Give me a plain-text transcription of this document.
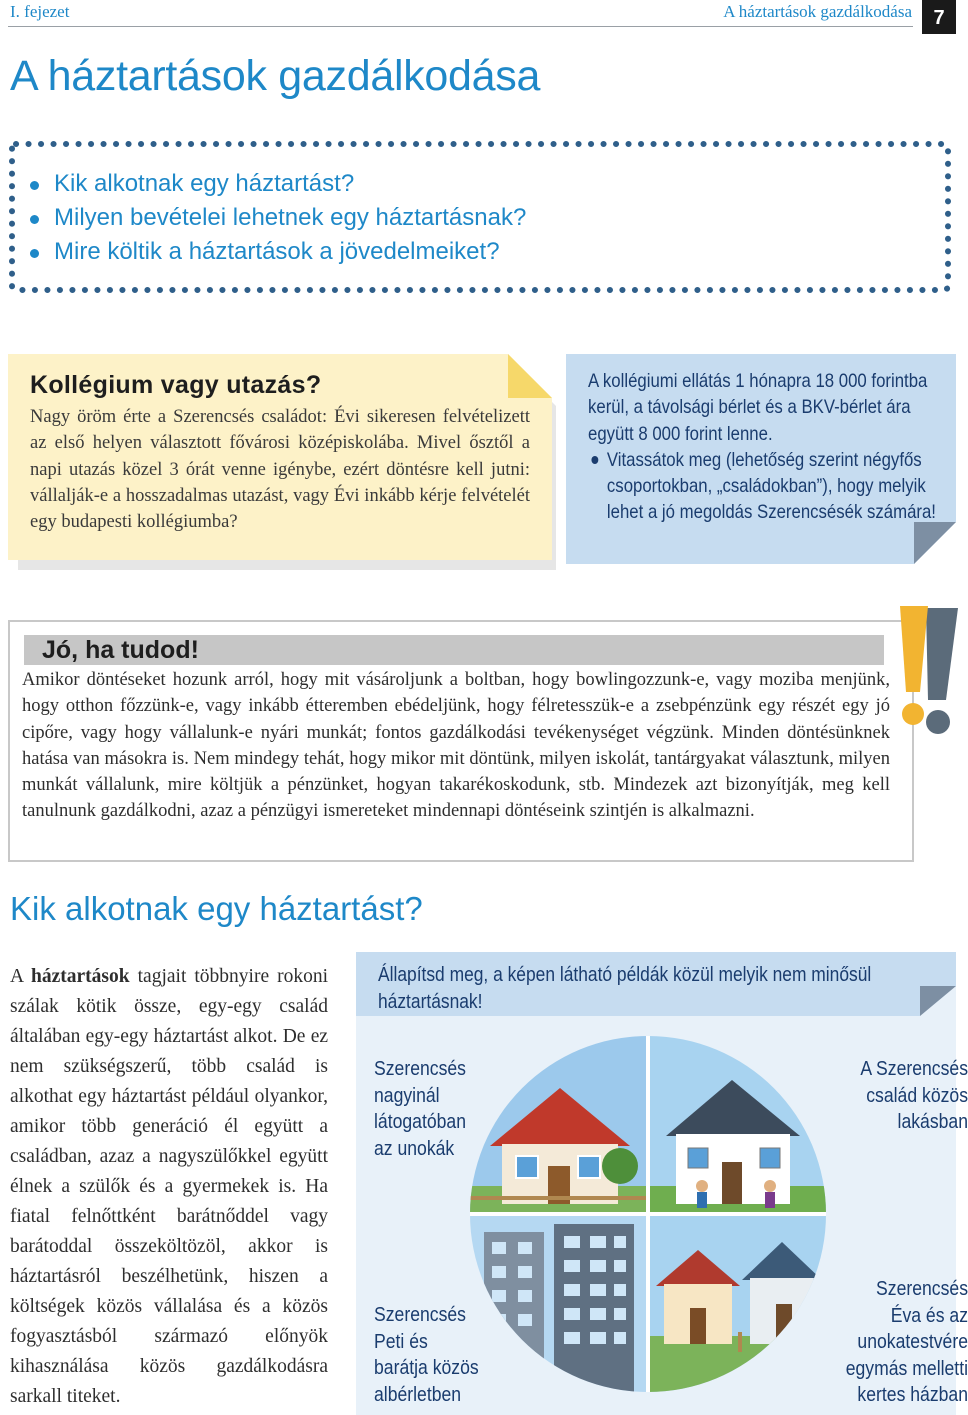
I. fejezet	A háztartások gazdálkodása	7
A háztartások gazdálkodása
Kik alkotnak egy háztartást?
Milyen bevételei lehetnek egy háztartásnak?
Mire költik a háztartások a jövedelmeiket?
Kollégium vagy utazás?
Nagy öröm érte a Szerencsés családot: Évi sikeresen felvételizett az első helyen választott fővárosi középiskolába. Mivel ősztől a napi utazás közel 3 órát venne igénybe, ezért döntésre kell jutni: vállalják-e a hosszadalmas utazást, vagy Évi inkább kérje felvételét egy budapesti kollégiumba?
A kollégiumi ellátás 1 hónapra 18 000 forintba kerül, a távolsági bérlet és a BKV-bérlet ára együtt 8 000 forint lenne.
Vitassátok meg (lehetőség szerint négyfős csoportokban, „családokban”), hogy melyik lehet a jó megoldás Szerencsésék számára!
Jó, ha tudod!
Amikor döntéseket hozunk arról, hogy mit vásároljunk a boltban, hogy bowlingozzunk-e, vagy moziba menjünk, hogy otthon főzzünk-e, vagy inkább étteremben ebédeljünk, hogy félretesszük-e a zsebpénzünk egy részét egy jó cipőre, vagy hogy vállalunk-e nyári munkát; fontos gazdálkodási tevékenységet végzünk. Minden döntésünknek hatása van másokra is. Nem mindegy tehát, hogy mikor mit döntünk, milyen iskolát, tantárgyakat választunk, milyen munkát vállalunk, mire költjük a pénzünket, hogyan takarékoskodunk, stb. Mindezek azt bizonyítják, meg kell tanulnunk gazdálkodni, azaz a pénzügyi ismereteket mindennapi döntéseink szintjén is alkalmazni.
Kik alkotnak egy háztartást?
A háztartások tagjait többnyire rokoni szálak kötik össze, egy-egy család általában egy-egy háztartást alkot. De ez nem szükségszerű, több család is alkothat egy háztartást például olyankor, amikor több generáció él együtt a családban, azaz a nagyszülőkkel együtt élnek a szülők és a gyermekek is. Ha fiatal felnőttként barátnőddel vagy barátoddal összeköltözöl, akkor is háztartásról beszélhetünk, hiszen a költségek közös vállalása és a közös fogyasztásból származó előnyök kihasználása közös gazdálkodásra sarkall titeket.
Állapítsd meg, a képen látható példák közül melyik nem minősül háztartásnak!
Szerencsés
nagyinál
látogatóban
az unokák
A Szerencsés
család közös
lakásban
Szerencsés
Peti és
barátja közös
albérletben
Szerencsés
Éva és az
unokatestvére
egymás melletti
kertes házban
